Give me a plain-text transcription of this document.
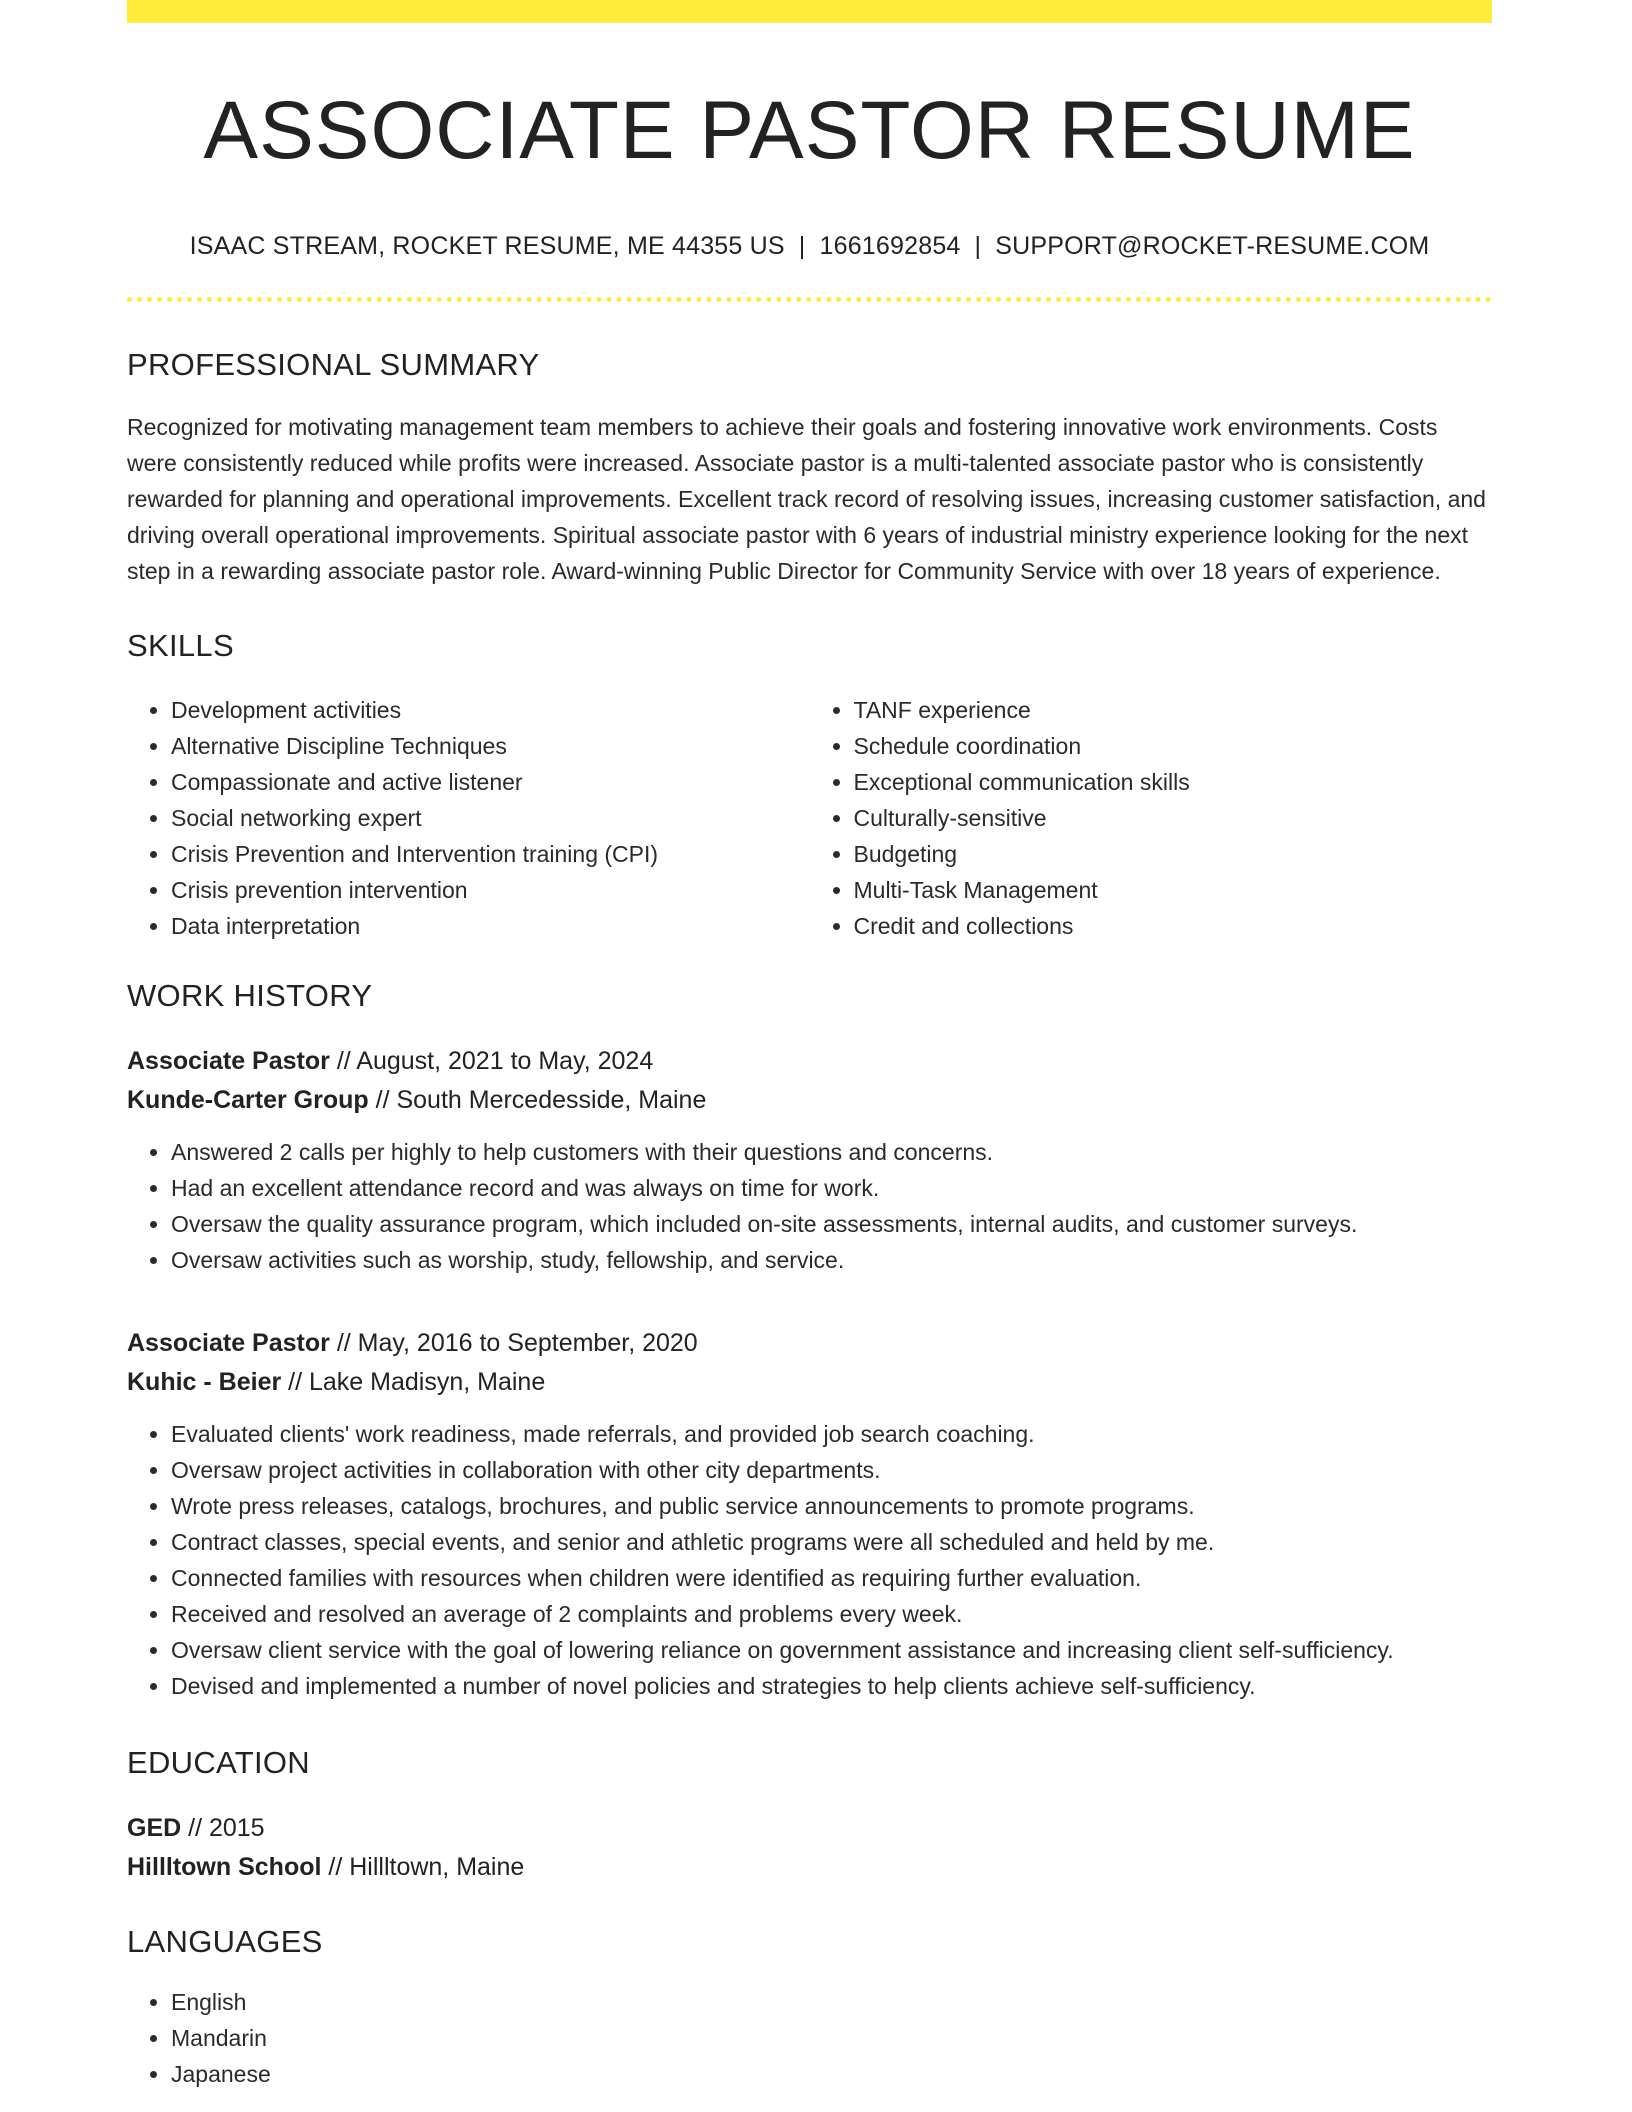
ASSOCIATE PASTOR RESUME
ISAAC STREAM, ROCKET RESUME, ME 44355 US | 1661692854 | SUPPORT@ROCKET-RESUME.COM
PROFESSIONAL SUMMARY

Recognized for motivating management team members to achieve their goals and fostering innovative work environments. Costs were consistently reduced while profits were increased. Associate pastor is a multi-talented associate pastor who is consistently rewarded for planning and operational improvements. Excellent track record of resolving issues, increasing customer satisfaction, and driving overall operational improvements. Spiritual associate pastor with 6 years of industrial ministry experience looking for the next step in a rewarding associate pastor role. Award-winning Public Director for Community Service with over 18 years of experience.

SKILLS
• Development activities
• Alternative Discipline Techniques
• Compassionate and active listener
• Social networking expert
• Crisis Prevention and Intervention training (CPI)
• Crisis prevention intervention
• Data interpretation
• TANF experience
• Schedule coordination
• Exceptional communication skills
• Culturally-sensitive
• Budgeting
• Multi-Task Management
• Credit and collections
WORK HISTORY
Associate Pastor // August, 2021 to May, 2024
Kunde-Carter Group // South Mercedesside, Maine
• Answered 2 calls per highly to help customers with their questions and concerns.
• Had an excellent attendance record and was always on time for work.
• Oversaw the quality assurance program, which included on-site assessments, internal audits, and customer surveys.
• Oversaw activities such as worship, study, fellowship, and service.
Associate Pastor // May, 2016 to September, 2020
Kuhic - Beier // Lake Madisyn, Maine
• Evaluated clients' work readiness, made referrals, and provided job search coaching.
• Oversaw project activities in collaboration with other city departments.
• Wrote press releases, catalogs, brochures, and public service announcements to promote programs.
• Contract classes, special events, and senior and athletic programs were all scheduled and held by me.
• Connected families with resources when children were identified as requiring further evaluation.
• Received and resolved an average of 2 complaints and problems every week.
• Oversaw client service with the goal of lowering reliance on government assistance and increasing client self-sufficiency.
• Devised and implemented a number of novel policies and strategies to help clients achieve self-sufficiency.
EDUCATION
GED // 2015
Hillltown School // Hillltown, Maine
LANGUAGES
• English
• Mandarin
• Japanese
